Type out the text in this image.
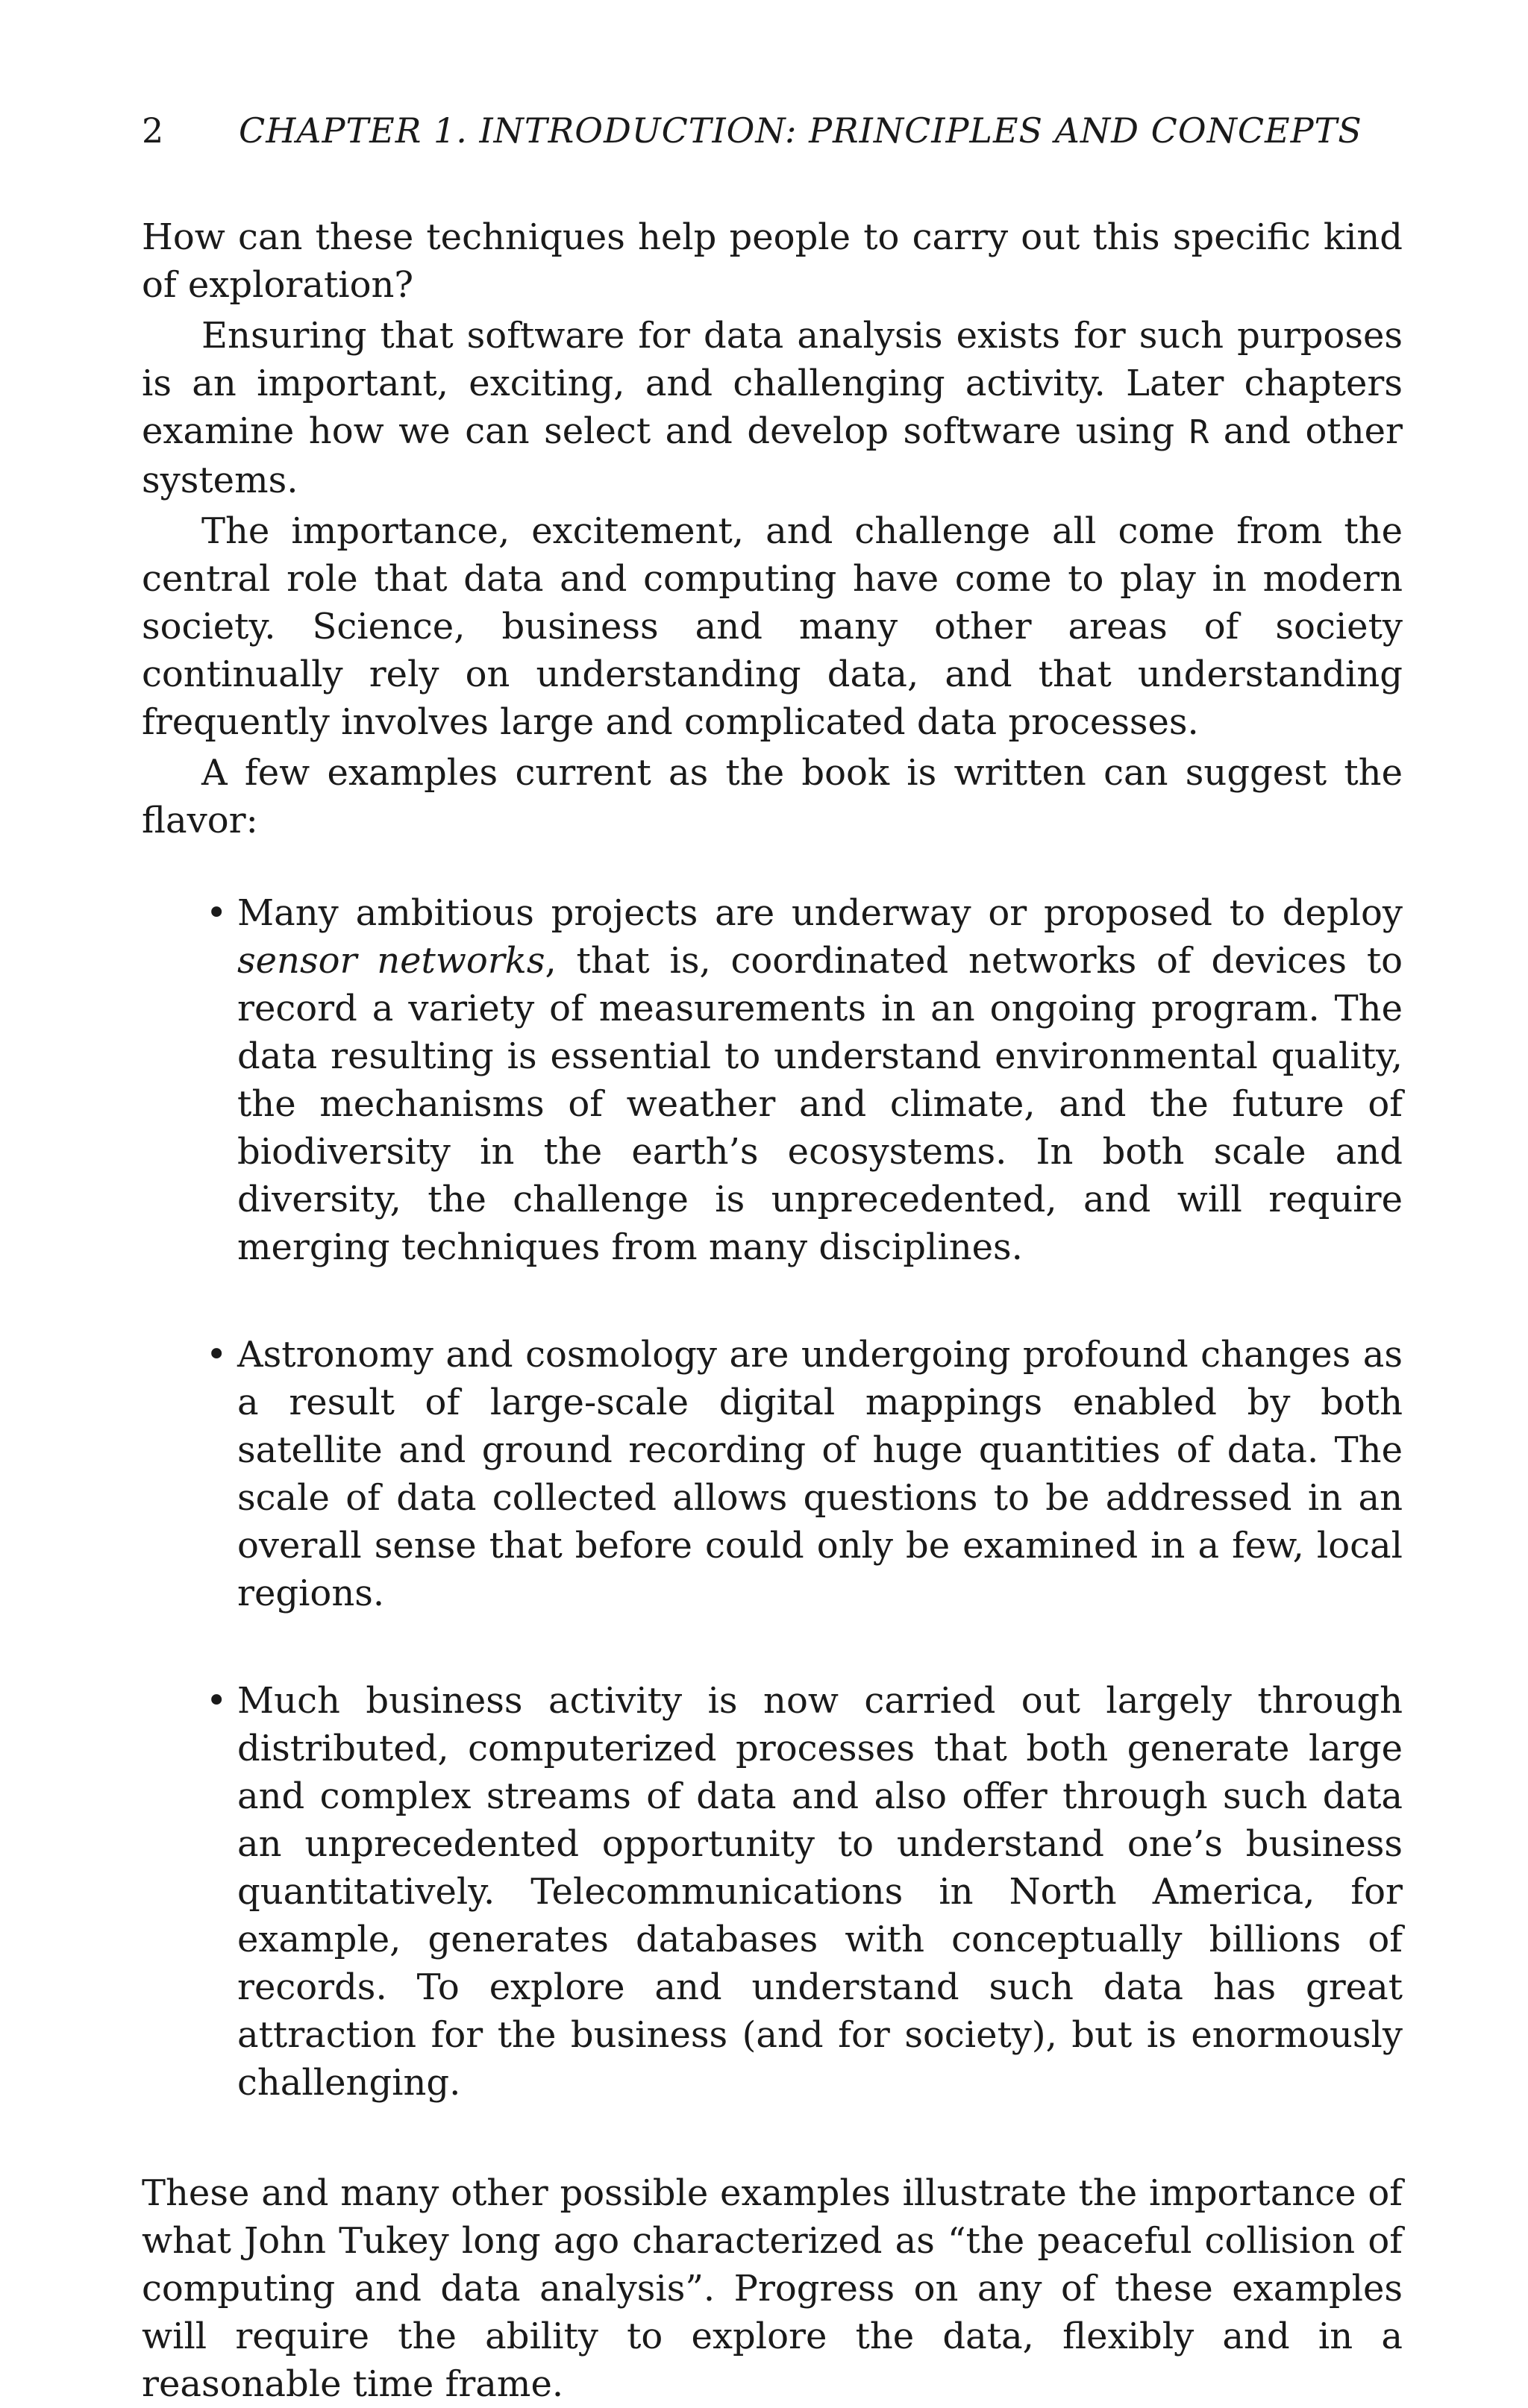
2	CHAPTER 1. INTRODUCTION: PRINCIPLES AND CONCEPTS

How can these techniques help people to carry out this specific kind of exploration?

Ensuring that software for data analysis exists for such purposes is an important, exciting, and challenging activity. Later chapters examine how we can select and develop software using R and other systems.

The importance, excitement, and challenge all come from the central role that data and computing have come to play in modern society. Science, business and many other areas of society continually rely on understanding data, and that understanding frequently involves large and complicated data processes.

A few examples current as the book is written can suggest the flavor:

• Many ambitious projects are underway or proposed to deploy sensor networks, that is, coordinated networks of devices to record a variety of measurements in an ongoing program. The data resulting is essential to understand environmental quality, the mechanisms of weather and climate, and the future of biodiversity in the earth’s ecosystems. In both scale and diversity, the challenge is unprecedented, and will require merging techniques from many disciplines.
• Astronomy and cosmology are undergoing profound changes as a result of large-scale digital mappings enabled by both satellite and ground recording of huge quantities of data. The scale of data collected allows questions to be addressed in an overall sense that before could only be examined in a few, local regions.
• Much business activity is now carried out largely through distributed, computerized processes that both generate large and complex streams of data and also offer through such data an unprecedented opportunity to understand one’s business quantitatively. Telecommunications in North America, for example, generates databases with conceptually billions of records. To explore and understand such data has great attraction for the business (and for society), but is enormously challenging.

These and many other possible examples illustrate the importance of what John Tukey long ago characterized as “the peaceful collision of computing and data analysis”. Progress on any of these examples will require the ability to explore the data, flexibly and in a reasonable time frame.
